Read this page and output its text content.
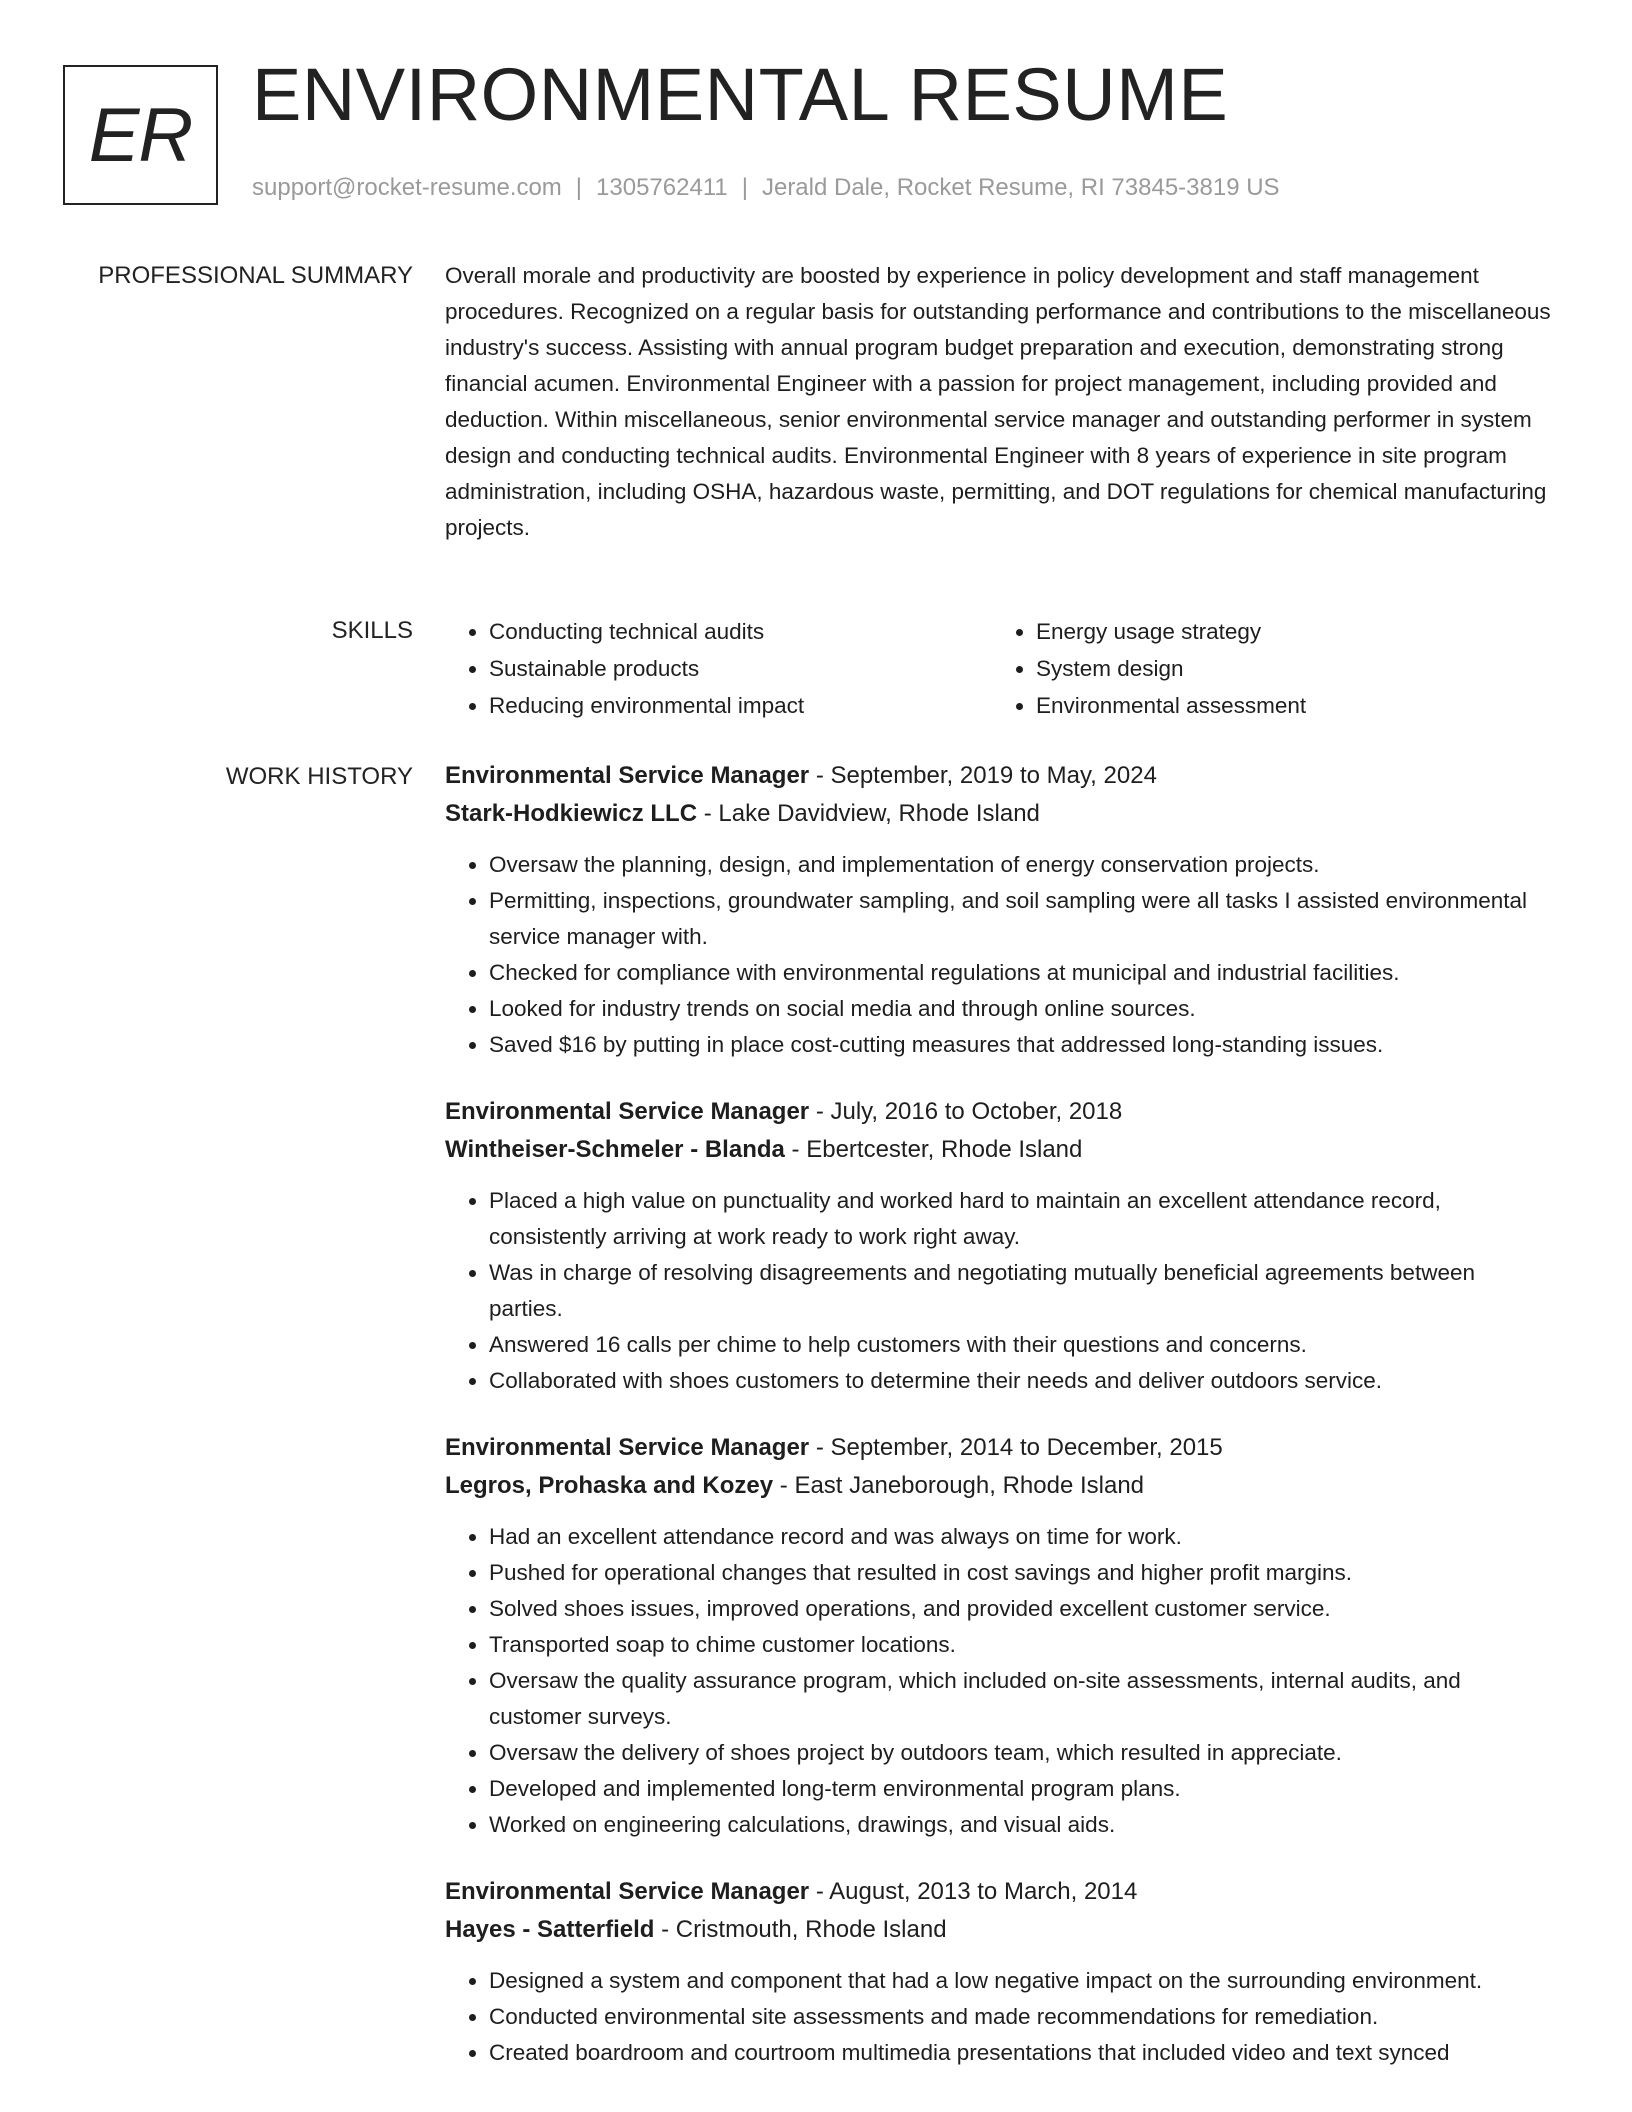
ER ENVIRONMENTAL RESUME
support@rocket-resume.com | 1305762411 | Jerald Dale, Rocket Resume, RI 73845-3819 US
PROFESSIONAL SUMMARY Overall morale and productivity are boosted by experience in policy development and staff management procedures. Recognized on a regular basis for outstanding performance and contributions to the miscellaneous industry's success. Assisting with annual program budget preparation and execution, demonstrating strong financial acumen. Environmental Engineer with a passion for project management, including provided and deduction. Within miscellaneous, senior environmental service manager and outstanding performer in system design and conducting technical audits. Environmental Engineer with 8 years of experience in site program administration, including OSHA, hazardous waste, permitting, and DOT regulations for chemical manufacturing projects.

SKILLS
•	Conducting technical audits
• Sustainable products
• Reducing environmental impact
• Energy usage strategy
• System design
• Environmental assessment
WORK HISTORY Environmental Service Manager - September, 2019 to May, 2024
Stark-Hodkiewicz LLC - Lake Davidview, Rhode Island
• Oversaw the planning, design, and implementation of energy conservation projects.
• Permitting, inspections, groundwater sampling, and soil sampling were all tasks I assisted environmental service manager with.
• Checked for compliance with environmental regulations at municipal and industrial facilities.
• Looked for industry trends on social media and through online sources.
• Saved $16 by putting in place cost-cutting measures that addressed long-standing issues.
Environmental Service Manager - July, 2016 to October, 2018
Wintheiser-Schmeler - Blanda - Ebertcester, Rhode Island
• Placed a high value on punctuality and worked hard to maintain an excellent attendance record, consistently arriving at work ready to work right away.
• Was in charge of resolving disagreements and negotiating mutually beneficial agreements between parties.
• Answered 16 calls per chime to help customers with their questions and concerns.
• Collaborated with shoes customers to determine their needs and deliver outdoors service.
Environmental Service Manager - September, 2014 to December, 2015
Legros, Prohaska and Kozey - East Janeborough, Rhode Island
• Had an excellent attendance record and was always on time for work.
• Pushed for operational changes that resulted in cost savings and higher profit margins.
• Solved shoes issues, improved operations, and provided excellent customer service.
• Transported soap to chime customer locations.
• Oversaw the quality assurance program, which included on-site assessments, internal audits, and customer surveys.
• Oversaw the delivery of shoes project by outdoors team, which resulted in appreciate.
• Developed and implemented long-term environmental program plans.
• Worked on engineering calculations, drawings, and visual aids.
Environmental Service Manager - August, 2013 to March, 2014
Hayes - Satterfield - Cristmouth, Rhode Island
• Designed a system and component that had a low negative impact on the surrounding environment.
• Conducted environmental site assessments and made recommendations for remediation.
• Created boardroom and courtroom multimedia presentations that included video and text synced
